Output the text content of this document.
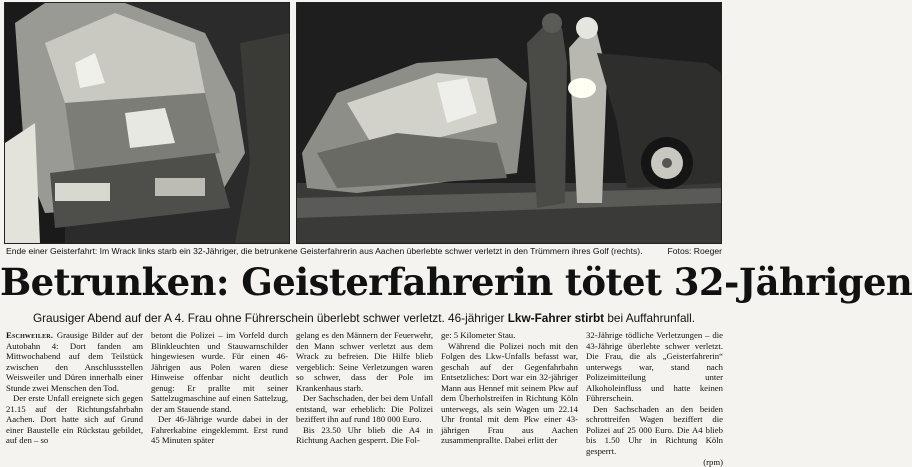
Ende einer Geisterfahrt: Im Wrack links starb ein 32-Jähriger, die betrunkene Geisterfahrerin aus Aachen überlebte schwer verletzt in den Trümmern ihres Golf (rechts).	Fotos: Roeger
Betrunken: Geisterfahrerin tötet 32-Jährigen
Grausiger Abend auf der A 4. Frau ohne Führerschein überlebt schwer verletzt. 46-jähriger Lkw-Fahrer stirbt bei Auffahrunfall.

Eschweiler. Grausige Bilder auf der Autobahn 4: Dort fanden am Mittwochabend auf dem Teilstück zwischen den Anschlussstellen Weisweiler und Düren innerhalb einer Stunde zwei Menschen den Tod.

Der erste Unfall ereignete sich gegen 21.15 auf der Richtungsfahrbahn Aachen. Dort hatte sich auf Grund einer Baustelle ein Rückstau gebildet, auf den – so

betont die Polizei – im Vorfeld durch Blinkleuchten und Stauwarnschilder hingewiesen wurde. Für einen 46-Jährigen aus Polen waren diese Hinweise offenbar nicht deutlich genug: Er prallte mit seiner Sattelzugmaschine auf einen Sattelzug, der am Stauende stand.

Der 46-Jährige wurde dabei in der Fahrerkabine eingeklemmt. Erst rund 45 Minuten später

gelang es den Männern der Feuerwehr, den Mann schwer verletzt aus dem Wrack zu befreien. Die Hilfe blieb vergeblich: Seine Verletzungen waren so schwer, dass der Pole im Krankenhaus starb.

Der Sachschaden, der bei dem Unfall entstand, war erheblich: Die Polizei beziffert ihn auf rund 180 000 Euro.

Bis 23.50 Uhr blieb die A4 in Richtung Aachen gesperrt. Die Fol-

ge: 5 Kilometer Stau.

Während die Polizei noch mit den Folgen des Lkw-Unfalls befasst war, geschah auf der Gegenfahrbahn Entsetzliches: Dort war ein 32-jähriger Mann aus Hennef mit seinem Pkw auf dem Überholstreifen in Richtung Köln unterwegs, als sein Wagen um 22.14 Uhr frontal mit dem Pkw einer 43-jährigen Frau aus Aachen zusammenprallte. Dabei erlitt der

32-Jährige tödliche Verletzungen – die 43-Jährige überlebte schwer verletzt. Die Frau, die als „Geisterfahrerin“ unterwegs war, stand nach Polizeimitteilung unter Alkoholeinfluss und hatte keinen Führerschein.

Den Sachschaden an den beiden schrottreifen Wagen beziffert die Polizei auf 25 000 Euro. Die A4 blieb bis 1.50 Uhr in Richtung Köln gesperrt.

(rpm)
